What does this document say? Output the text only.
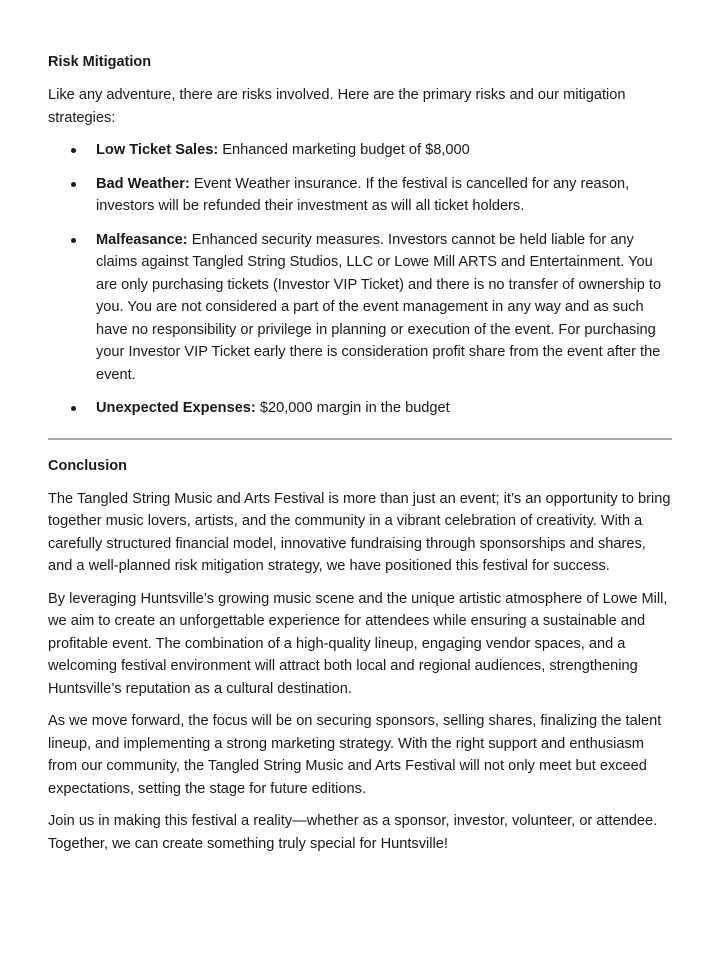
Risk Mitigation

Like any adventure, there are risks involved. Here are the primary risks and our mitigation strategies:

Low Ticket Sales: Enhanced marketing budget of $8,000
Bad Weather: Event Weather insurance. If the festival is cancelled for any reason, investors will be refunded their investment as will all ticket holders.
Malfeasance: Enhanced security measures. Investors cannot be held liable for any claims against Tangled String Studios, LLC or Lowe Mill ARTS and Entertainment. You are only purchasing tickets (Investor VIP Ticket) and there is no transfer of ownership to you. You are not considered a part of the event management in any way and as such have no responsibility or privilege in planning or execution of the event. For purchasing your Investor VIP Ticket early there is consideration profit share from the event after the event.
Unexpected Expenses: $20,000 margin in the budget
Conclusion

The Tangled String Music and Arts Festival is more than just an event; it’s an opportunity to bring together music lovers, artists, and the community in a vibrant celebration of creativity. With a carefully structured financial model, innovative fundraising through sponsorships and shares, and a well-planned risk mitigation strategy, we have positioned this festival for success.

By leveraging Huntsville’s growing music scene and the unique artistic atmosphere of Lowe Mill, we aim to create an unforgettable experience for attendees while ensuring a sustainable and profitable event. The combination of a high-quality lineup, engaging vendor spaces, and a welcoming festival environment will attract both local and regional audiences, strengthening Huntsville’s reputation as a cultural destination.

As we move forward, the focus will be on securing sponsors, selling shares, finalizing the talent lineup, and implementing a strong marketing strategy. With the right support and enthusiasm from our community, the Tangled String Music and Arts Festival will not only meet but exceed expectations, setting the stage for future editions.

Join us in making this festival a reality—whether as a sponsor, investor, volunteer, or attendee. Together, we can create something truly special for Huntsville!
